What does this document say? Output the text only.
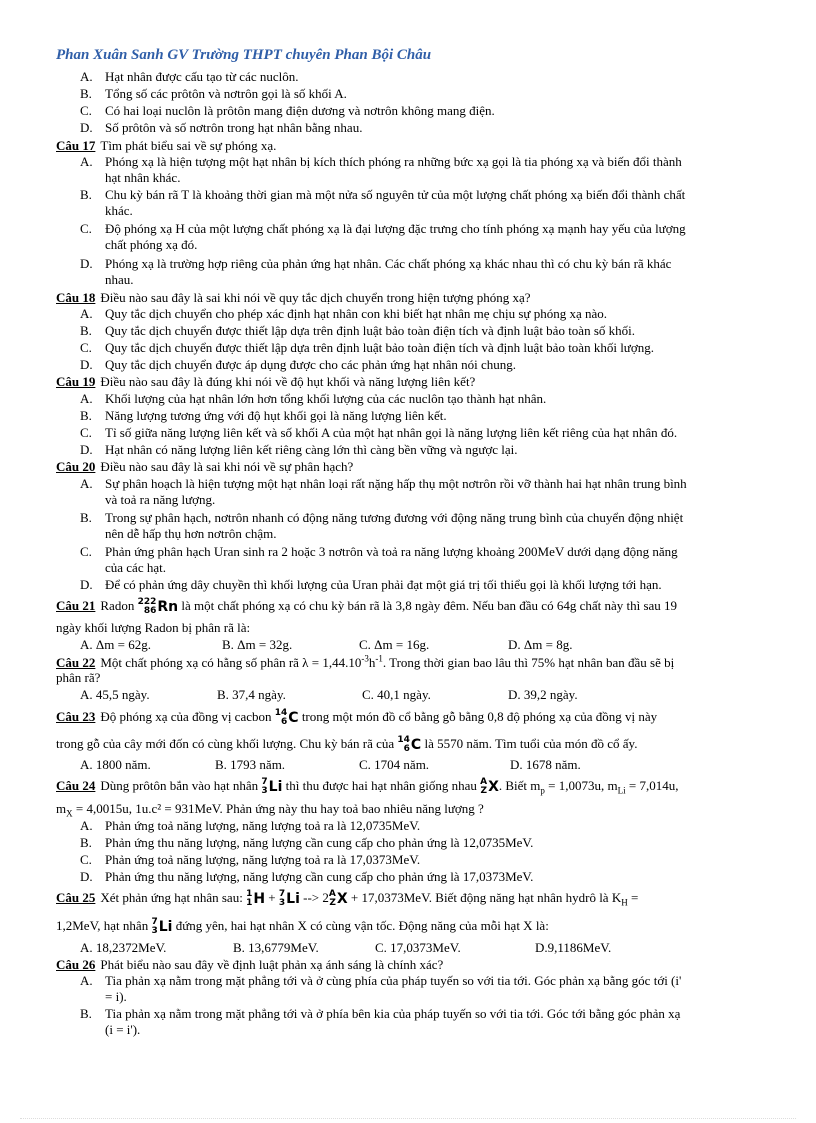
Phan Xuân Sanh GV Trường THPT chuyên Phan Bội Châu
A. Hạt nhân được cấu tạo từ các nuclôn.
B. Tổng số các prôtôn và nơtrôn gọi là số khối A.
C. Có hai loại nuclôn là prôtôn mang điện dương và nơtrôn không mang điện.
D. Số prôtôn và số nơtrôn trong hạt nhân bằng nhau.
Câu 17 Tìm phát biểu sai về sự phóng xạ.
A. Phóng xạ là hiện tượng một hạt nhân bị kích thích phóng ra những bức xạ gọi là tia phóng xạ và biến đổi thành
hạt nhân khác.
B. Chu kỳ bán rã T là khoảng thời gian mà một nửa số nguyên tử của một lượng chất phóng xạ biến đổi thành chất
khác.
C. Độ phóng xạ H của một lượng chất phóng xạ là đại lượng đặc trưng cho tính phóng xạ mạnh hay yếu của lượng
chất phóng xạ đó.
D. Phóng xạ là trường hợp riêng của phản ứng hạt nhân. Các chất phóng xạ khác nhau thì có chu kỳ bán rã khác
nhau.
Câu 18 Điều nào sau đây là sai khi nói về quy tắc dịch chuyển trong hiện tượng phóng xạ?
A. Quy tắc dịch chuyển cho phép xác định hạt nhân con khi biết hạt nhân mẹ chịu sự phóng xạ nào.
B. Quy tắc dịch chuyển được thiết lập dựa trên định luật bảo toàn điện tích và định luật bảo toàn số khối.
C. Quy tắc dịch chuyển được thiết lập dựa trên định luật bảo toàn điện tích và định luật bảo toàn khối lượng.
D. Quy tắc dịch chuyển được áp dụng được cho các phản ứng hạt nhân nói chung.
Câu 19 Điều nào sau đây là đúng khi nói về độ hụt khối và năng lượng liên kết?
A. Khối lượng của hạt nhân lớn hơn tổng khối lượng của các nuclôn tạo thành hạt nhân.
B. Năng lượng tương ứng với độ hụt khối gọi là năng lượng liên kết.
C. Tỉ số giữa năng lượng liên kết và số khối A của một hạt nhân gọi là năng lượng liên kết riêng của hạt nhân đó.
D. Hạt nhân có năng lượng liên kết riêng càng lớn thì càng bền vững và ngược lại.
Câu 20 Điều nào sau đây là sai khi nói về sự phân hạch?
A. Sự phân hoạch là hiện tượng một hạt nhân loại rất nặng hấp thụ một nơtrôn rồi vỡ thành hai hạt nhân trung bình
và toả ra năng lượng.
B. Trong sự phân hạch, nơtrôn nhanh có động năng tương đương với động năng trung bình của chuyển động nhiệt
nên dễ hấp thụ hơn nơtrôn chậm.
C. Phản ứng phân hạch Uran sinh ra 2 hoặc 3 nơtrôn và toả ra năng lượng khoảng 200MeV dưới dạng động năng
của các hạt.
D. Để có phản ứng dây chuyền thì khối lượng của Uran phải đạt một giá trị tối thiểu gọi là khối lượng tới hạn.
Câu 21 Radon 222
86 Rn là một chất phóng xạ có chu kỳ bán rã là 3,8 ngày đêm. Nếu ban đầu có 64g chất này thì sau 19
ngày khối lượng Radon bị phân rã là:
A. Δm = 62g.	B. Δm = 32g.	C. Δm = 16g.	D. Δm = 8g.
Câu 22 Một chất phóng xạ có hằng số phân rã $\lambda = 1,44.10^{-3}h^{-1}$. Trong thời gian bao lâu thì 75% hạt nhân ban đầu sẽ bị
phân rã?
A. 45,5 ngày.	B. 37,4 ngày.	C. 40,1 ngày.	D. 39,2 ngày.
Câu 23 Độ phóng xạ của đồng vị cacbon 14
6 C trong một món đồ cổ bằng gỗ bằng 0,8 độ phóng xạ của đồng vị này
trong gỗ của cây mới đốn có cùng khối lượng. Chu kỳ bán rã của 14
6 C là 5570 năm. Tìm tuổi của món đồ cổ ấy.
A. 1800 năm.	B. 1793 năm.	C. 1704 năm.	D. 1678 năm.
Câu 24 Dùng prôtôn bắn vào hạt nhân 7
3 Li thì thu được hai hạt nhân giống nhau A
Z X . Biết $m_p = 1,0073u$, $m_{Li} = 7,014u$,
$m_X = 4,0015u$, 1u.c² = 931MeV. Phản ứng này thu hay toả bao nhiêu năng lượng ?
A. Phản ứng toả năng lượng, năng lượng toả ra là 12,0735MeV.
B. Phản ứng thu năng lượng, năng lượng cần cung cấp cho phản ứng là 12,0735MeV.
C. Phản ứng toả năng lượng, năng lượng toả ra là 17,0373MeV.
D. Phản ứng thu năng lượng, năng lượng cần cung cấp cho phản ứng là 17,0373MeV.
Câu 25 Xét phản ứng hạt nhân sau: 1
1 H + 7
3 Li --> 2 A
Z X + 17,0373MeV. Biết động năng hạt nhân hydrô là $K_H$ =
1,2MeV, hạt nhân 7
3 Li đứng yên, hai hạt nhân X có cùng vận tốc. Động năng của mỗi hạt X là:
A. 18,2372MeV.	B. 13,6779MeV.	C. 17,0373MeV.	D.9,1186MeV.
Câu 26 Phát biểu nào sau đây về định luật phản xạ ánh sáng là chính xác?
A. Tia phản xạ nằm trong mặt phẳng tới và ở cùng phía của pháp tuyến so với tia tới. Góc phản xạ bằng góc tới (i'
= i).
B. Tia phản xạ nằm trong mặt phẳng tới và ở phía bên kia của pháp tuyến so với tia tới. Góc tới bằng góc phản xạ
(i = i').
